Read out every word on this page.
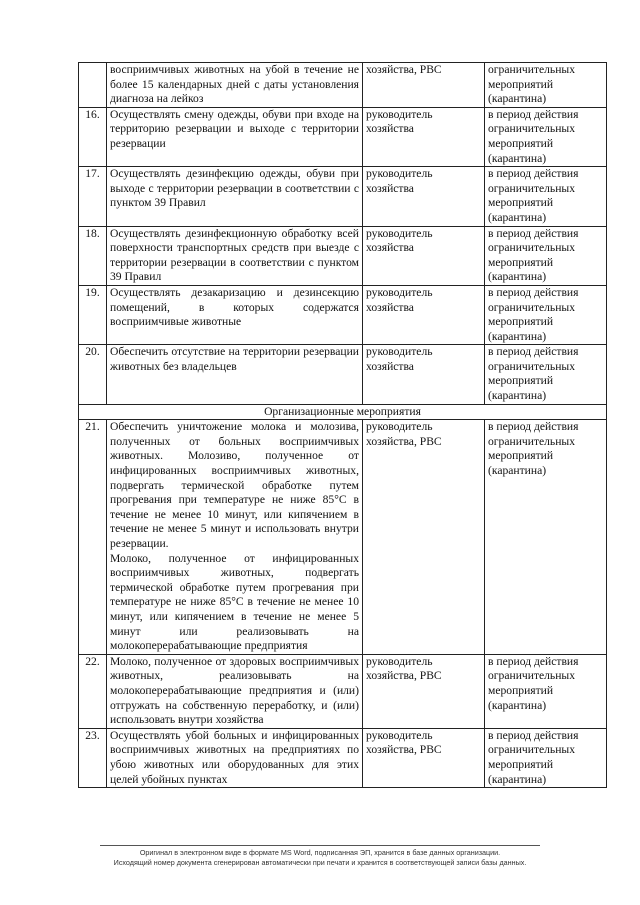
	восприимчивых животных на убой в течение не более 15 календарных дней с даты установления диагноза на лейкоз	хозяйства, РВС	ограничительных мероприятий (карантина)
16.	Осуществлять смену одежды, обуви при входе на территорию резервации и выходе с территории резервации	руководитель хозяйства	в период действия ограничительных мероприятий (карантина)
17.	Осуществлять дезинфекцию одежды, обуви при выходе с территории резервации в соответствии с пунктом 39 Правил	руководитель хозяйства	в период действия ограничительных мероприятий (карантина)
18.	Осуществлять дезинфекционную обработку всей поверхности транспортных средств при выезде с территории резервации в соответствии с пунктом 39 Правил	руководитель хозяйства	в период действия ограничительных мероприятий (карантина)
19.	Осуществлять дезакаризацию и дезинсекцию помещений, в которых содержатся восприимчивые животные	руководитель хозяйства	в период действия ограничительных мероприятий (карантина)
20.	Обеспечить отсутствие на территории резервации животных без владельцев	руководитель хозяйства	в период действия ограничительных мероприятий (карантина)
Организационные мероприятия			
21.	Обеспечить уничтожение молока и молозива, полученных от больных восприимчивых животных. Молозиво, полученное от инфицированных восприимчивых животных, подвергать термической обработке путем прогревания при температуре не ниже 85°С в течение не менее 10 минут, или кипячением в течение не менее 5 минут и использовать внутри резервации.
Молоко, полученное от инфицированных восприимчивых животных, подвергать термической обработке путем прогревания при температуре не ниже 85°С в течение не менее 10 минут, или кипячением в течение не менее 5 минут или реализовывать на молокоперерабатывающие предприятия	руководитель хозяйства, РВС	в период действия ограничительных мероприятий (карантина)
22.	Молоко, полученное от здоровых восприимчивых животных, реализовывать на молокоперерабатывающие предприятия и (или) отгружать на собственную переработку, и (или) использовать внутри хозяйства	руководитель хозяйства, РВС	в период действия ограничительных мероприятий (карантина)
23.	Осуществлять убой больных и инфицированных восприимчивых животных на предприятиях по убою животных или оборудованных для этих целей убойных пунктах	руководитель хозяйства, РВС	в период действия ограничительных мероприятий (карантина)
Оригинал в электронном виде в формате MS Word, подписанная ЭП, хранится в базе данных организации.
Исходящий номер документа сгенерирован автоматически при печати и хранится в соответствующей записи базы данных.
